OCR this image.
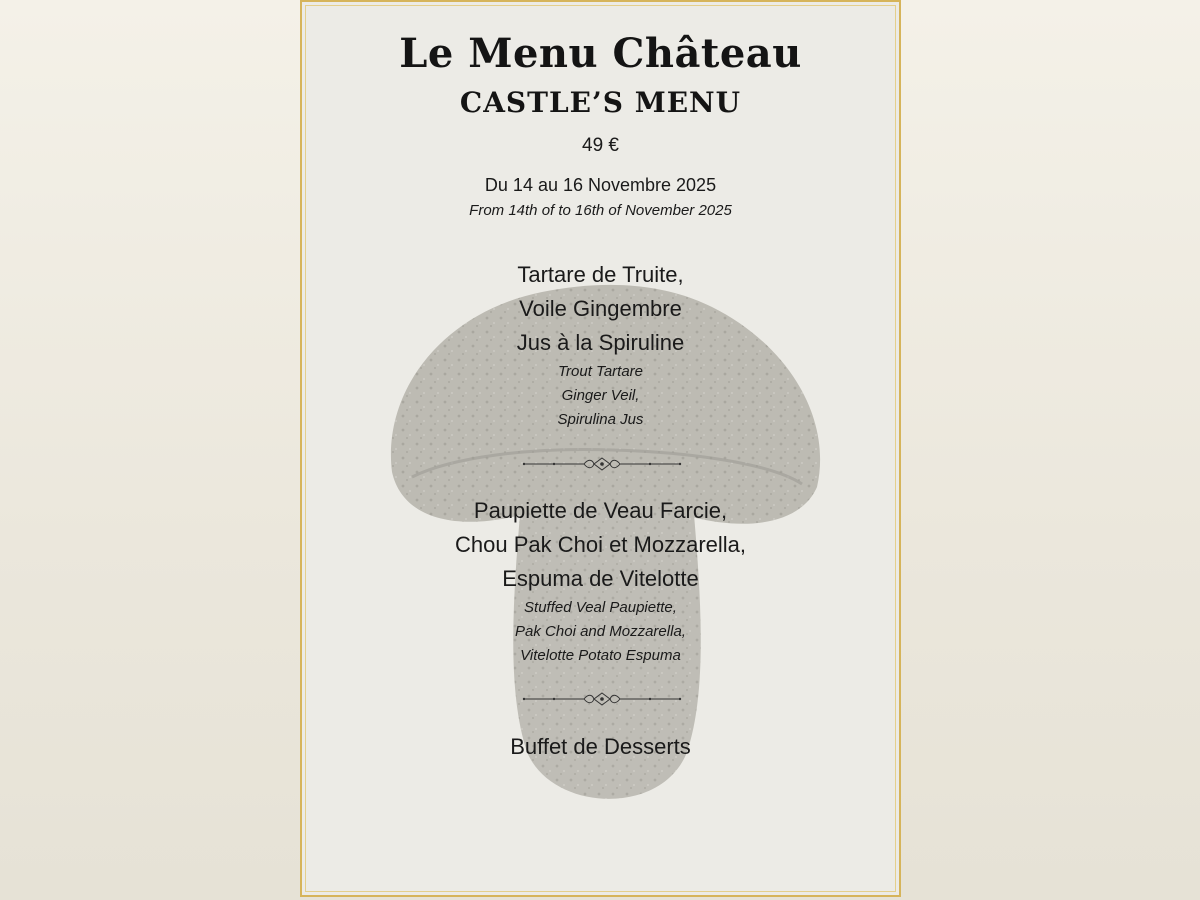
Le Menu Château
CASTLE’S MENU
49 €
Du 14 au 16 Novembre 2025
From 14th of to 16th of November 2025
Tartare de Truite,
Voile Gingembre
Jus à la Spiruline
Trout Tartare
Ginger Veil,
Spirulina Jus
Paupiette de Veau Farcie,
Chou Pak Choi et Mozzarella,
Espuma de Vitelotte
Stuffed Veal Paupiette,
Pak Choi and Mozzarella,
Vitelotte Potato Espuma
Buffet de Desserts
